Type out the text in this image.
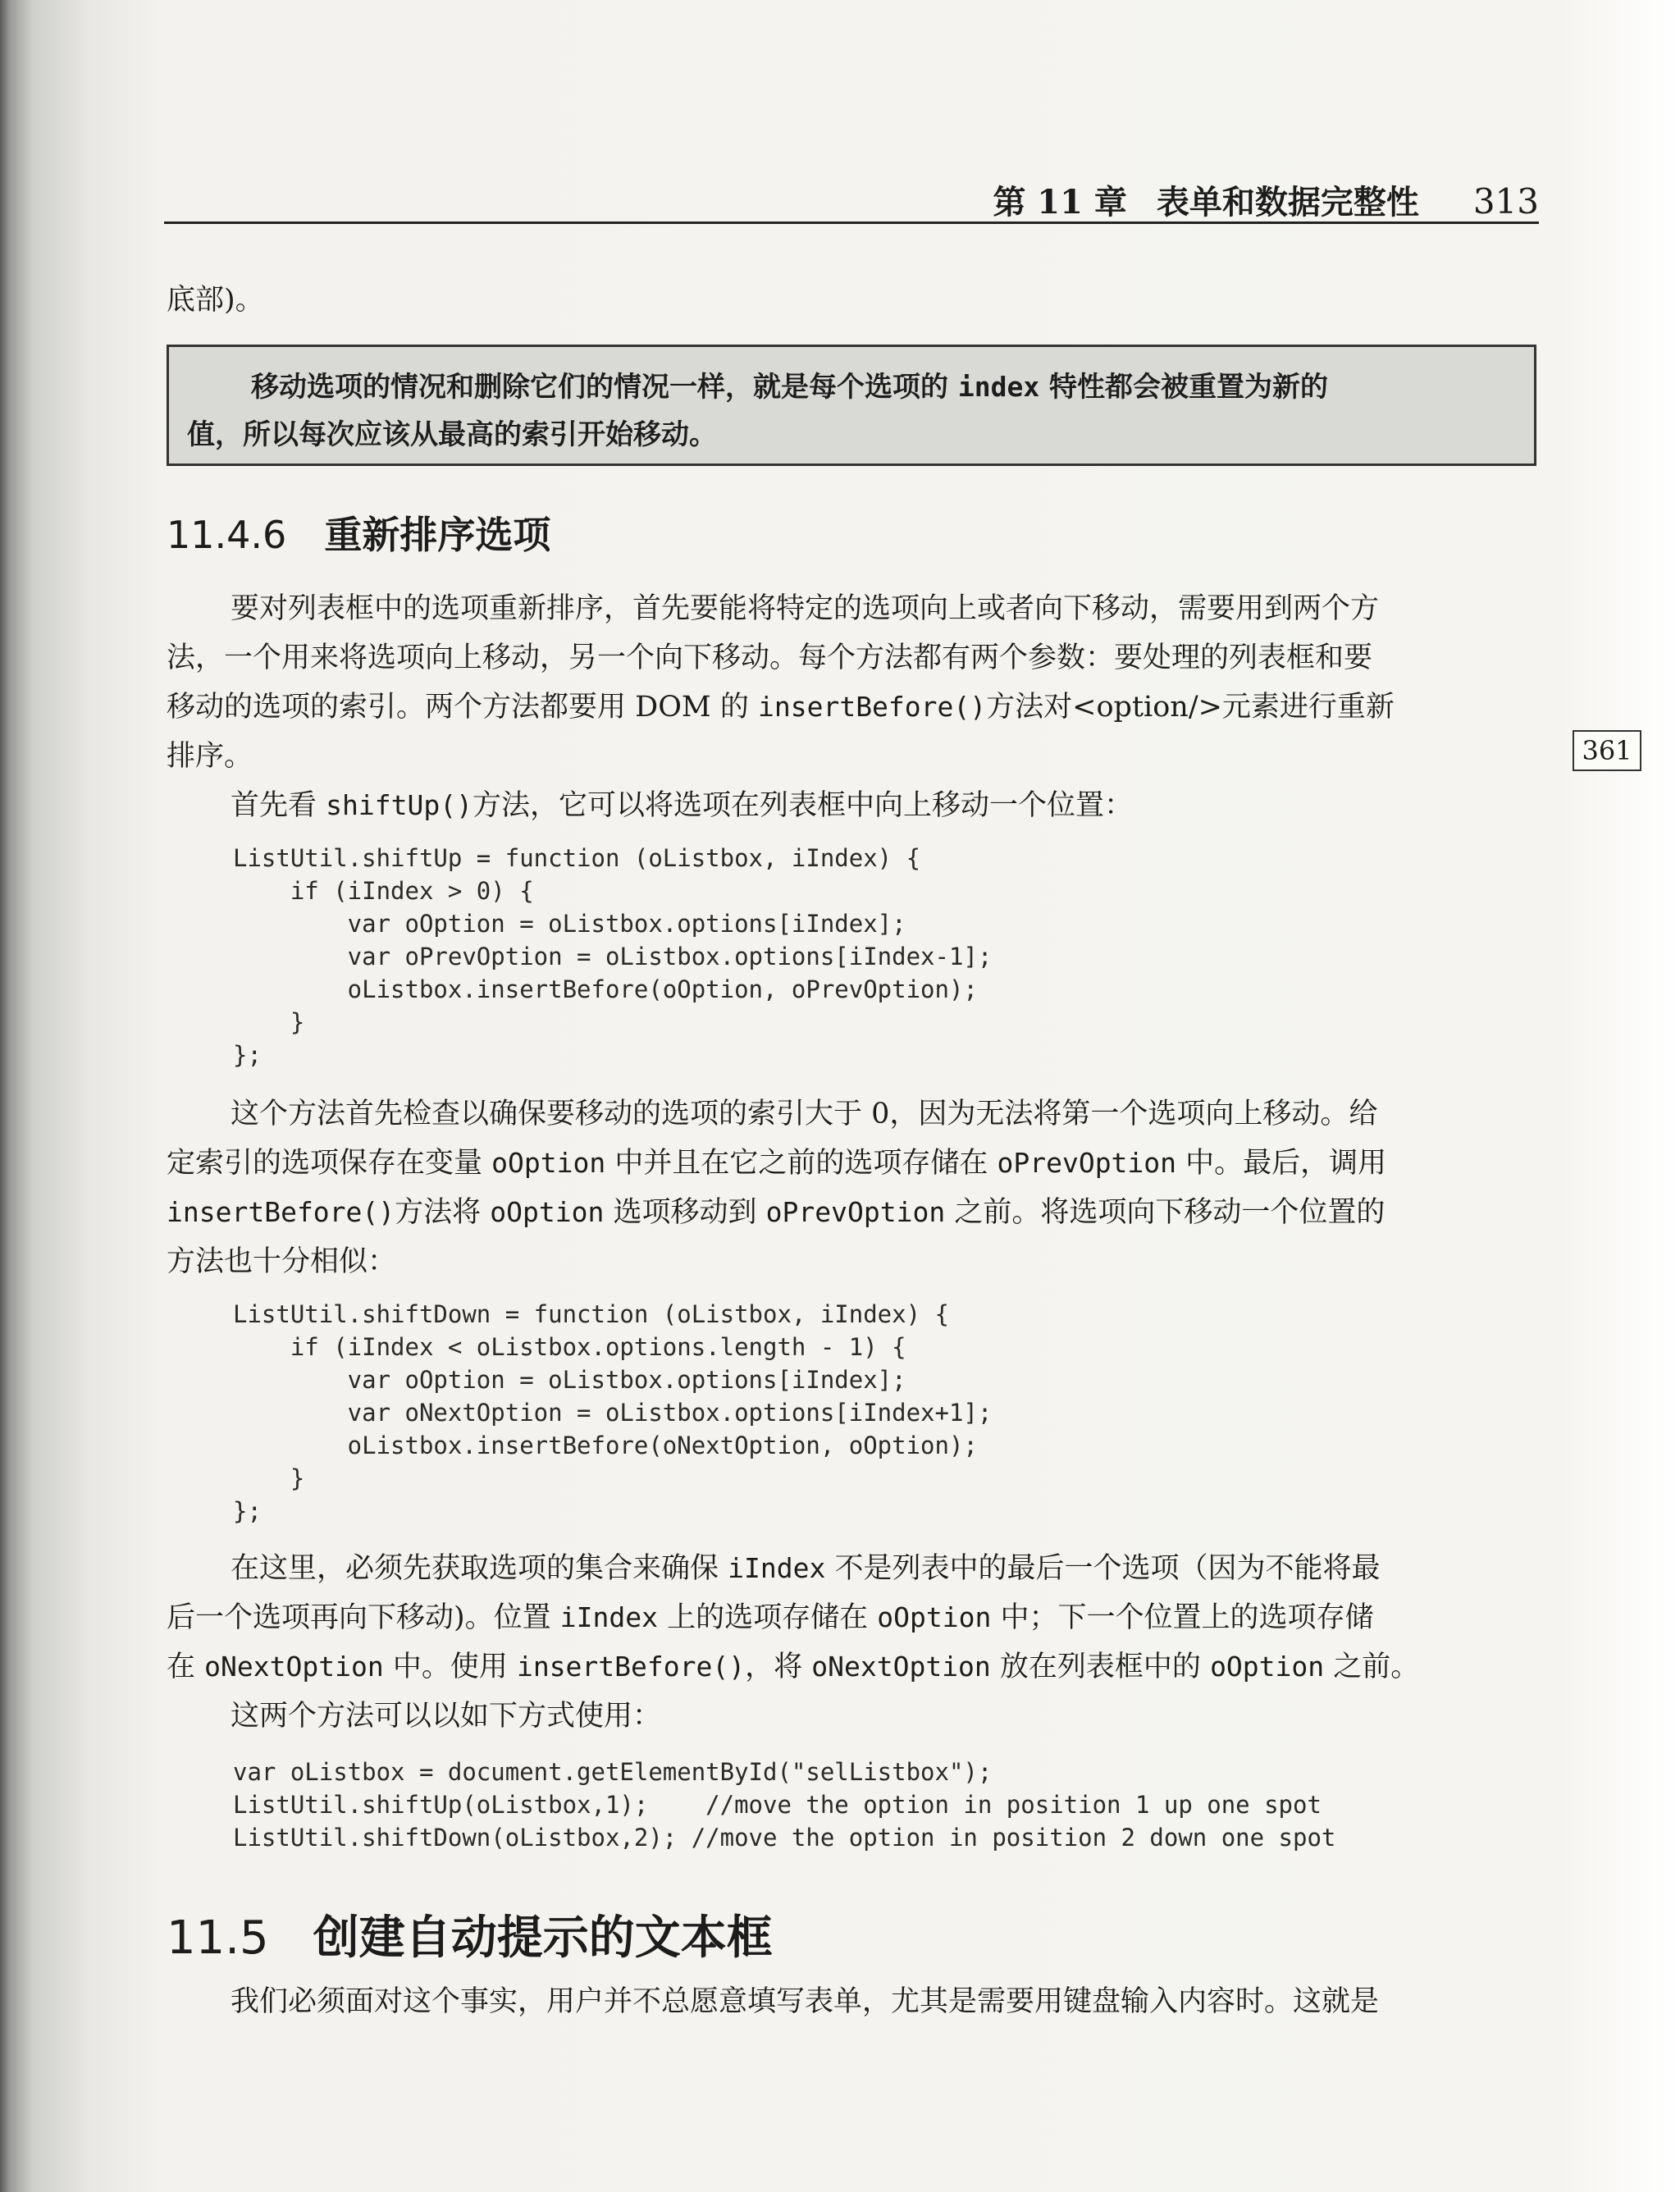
第 11 章 表单和数据完整性 313
底部)。
移动选项的情况和删除它们的情况一样，就是每个选项的 index 特性都会被重置为新的
值，所以每次应该从最高的索引开始移动。
11.4.6 重新排序选项
要对列表框中的选项重新排序，首先要能将特定的选项向上或者向下移动，需要用到两个方
法，一个用来将选项向上移动，另一个向下移动。每个方法都有两个参数：要处理的列表框和要
移动的选项的索引。两个方法都要用 DOM 的 insertBefore()方法对<option/>元素进行重新
排序。	361
首先看 shiftUp()方法，它可以将选项在列表框中向上移动一个位置：
ListUtil.shiftUp = function (oListbox, iIndex) {
if (iIndex > 0) {
var oOption = oListbox.options[iIndex];
var oPrevOption = oListbox.options[iIndex-1];
oListbox.insertBefore(oOption, oPrevOption);
}
};
这个方法首先检查以确保要移动的选项的索引大于 0，因为无法将第一个选项向上移动。给
定索引的选项保存在变量 oOption 中并且在它之前的选项存储在 oPrevOption 中。最后，调用
insertBefore()方法将 oOption 选项移动到 oPrevOption 之前。将选项向下移动一个位置的
方法也十分相似：
ListUtil.shiftDown = function (oListbox, iIndex) {
if (iIndex < oListbox.options.length - 1) {
var oOption = oListbox.options[iIndex];
var oNextOption = oListbox.options[iIndex+1];
oListbox.insertBefore(oNextOption, oOption);
}
};
在这里，必须先获取选项的集合来确保 iIndex 不是列表中的最后一个选项（因为不能将最
后一个选项再向下移动)。位置 iIndex 上的选项存储在 oOption 中；下一个位置上的选项存储
在 oNextOption 中。使用 insertBefore()，将 oNextOption 放在列表框中的 oOption 之前。
这两个方法可以以如下方式使用：
var oListbox = document.getElementById("selListbox");
ListUtil.shiftUp(oListbox,1);    //move the option in position 1 up one spot
ListUtil.shiftDown(oListbox,2); //move the option in position 2 down one spot
11.5 创建自动提示的文本框
我们必须面对这个事实，用户并不总愿意填写表单，尤其是需要用键盘输入内容时。这就是
